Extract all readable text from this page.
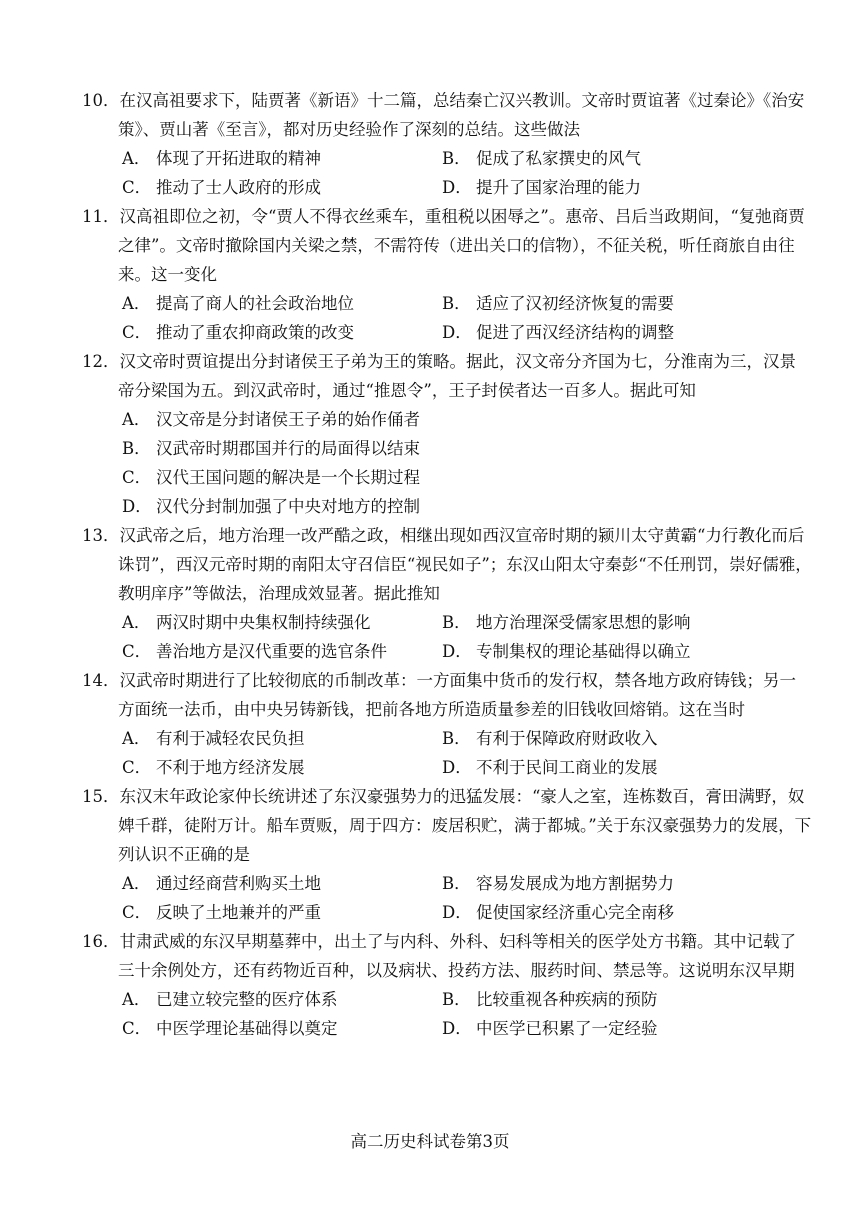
10．在汉高祖要求下，陆贾著《新语》十二篇，总结秦亡汉兴教训。文帝时贾谊著《过秦论》《治安策》、贾山著《至言》，都对历史经验作了深刻的总结。这些做法
A． 体现了开拓进取的精神	B． 促成了私家撰史的风气
C． 推动了士人政府的形成	D． 提升了国家治理的能力
11．汉高祖即位之初，令“贾人不得衣丝乘车，重租税以困辱之”。惠帝、吕后当政期间，“复弛商贾之律”。文帝时撤除国内关梁之禁，不需符传（进出关口的信物），不征关税，听任商旅自由往来。这一变化
A． 提高了商人的社会政治地位	B． 适应了汉初经济恢复的需要
C． 推动了重农抑商政策的改变	D． 促进了西汉经济结构的调整
12．汉文帝时贾谊提出分封诸侯王子弟为王的策略。据此，汉文帝分齐国为七，分淮南为三，汉景帝分梁国为五。到汉武帝时，通过“推恩令”，王子封侯者达一百多人。据此可知
A． 汉文帝是分封诸侯王子弟的始作俑者
B． 汉武帝时期郡国并行的局面得以结束
C． 汉代王国问题的解决是一个长期过程
D． 汉代分封制加强了中央对地方的控制
13．汉武帝之后，地方治理一改严酷之政，相继出现如西汉宣帝时期的颍川太守黄霸“力行教化而后诛罚”，西汉元帝时期的南阳太守召信臣“视民如子”；东汉山阳太守秦彭“不任刑罚，崇好儒雅，教明庠序”等做法，治理成效显著。据此推知
A． 两汉时期中央集权制持续强化	B． 地方治理深受儒家思想的影响
C． 善治地方是汉代重要的选官条件	D． 专制集权的理论基础得以确立
14．汉武帝时期进行了比较彻底的币制改革：一方面集中货币的发行权，禁各地方政府铸钱；另一方面统一法币，由中央另铸新钱，把前各地方所造质量参差的旧钱收回熔销。这在当时
A． 有利于减轻农民负担	B． 有利于保障政府财政收入
C． 不利于地方经济发展	D． 不利于民间工商业的发展
15．东汉末年政论家仲长统讲述了东汉豪强势力的迅猛发展：“豪人之室，连栋数百，膏田满野，奴婢千群，徒附万计。船车贾贩，周于四方：废居积贮，满于都城。”关于东汉豪强势力的发展，下列认识不正确的是
A． 通过经商营利购买土地	B． 容易发展成为地方割据势力
C． 反映了土地兼并的严重	D． 促使国家经济重心完全南移
16．甘肃武威的东汉早期墓葬中，出土了与内科、外科、妇科等相关的医学处方书籍。其中记载了三十余例处方，还有药物近百种，以及病状、投药方法、服药时间、禁忌等。这说明东汉早期
A． 已建立较完整的医疗体系	B． 比较重视各种疾病的预防
C． 中医学理论基础得以奠定	D． 中医学已积累了一定经验
高二历史科试卷第3页
